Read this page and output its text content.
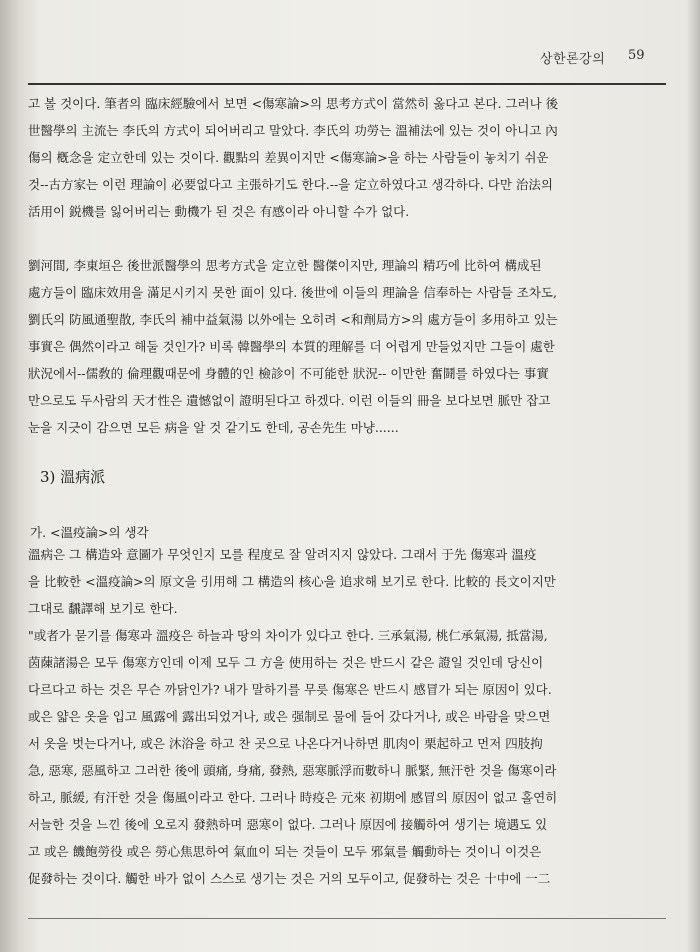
상한론강의 59
고 볼 것이다. 筆者의 臨床經驗에서 보면 <傷寒論>의 思考方式이 當然히 옳다고 본다. 그러나 後
世醫學의 主流는 李氏의 方式이 되어버리고 말았다. 李氏의 功勞는 溫補法에 있는 것이 아니고 內
傷의 槪念을 定立한데 있는 것이다. 觀點의 差異이지만 <傷寒論>을 하는 사람들이 놓치기 쉬운
것--古方家는 이런 理論이 必要없다고 主張하기도 한다.--을 定立하였다고 생각하다. 다만 治法의
活用이 鋭機를 잃어버리는 動機가 된 것은 有感이라 아니할 수가 없다.
劉河間, 李東垣은 後世派醫學의 思考方式을 定立한 醫傑이지만, 理論의 精巧에 比하여 構成된
處方들이 臨床效用을 滿足시키지 못한 面이 있다. 後世에 이들의 理論을 信奉하는 사람들 조차도,
劉氏의 防風通聖散, 李氏의 補中益氣湯 以外에는 오히려 <和劑局方>의 處方들이 多用하고 있는
事實은 偶然이라고 해둘 것인가? 비록 韓醫學의 本質的理解를 더 어렵게 만들었지만 그들이 處한
狀況에서--儒敎的 倫理觀때문에 身體的인 檢診이 不可能한 狀況-- 이만한 奮鬪를 하였다는 事實
만으로도 두사람의 天才性은 遺憾없이 證明된다고 하겠다. 이런 이들의 冊을 보다보면 脈만 잡고
눈을 지긋이 감으면 모든 病을 알 것 같기도 한데, 공손先生 마냥......
3) 溫病派
가. <溫疫論>의 생각
溫病은 그 構造와 意圖가 무엇인지 모를 程度로 잘 알려지지 않았다. 그래서 于先 傷寒과 溫疫
을 比較한 <溫疫論>의 原文을 引用해 그 構造의 核心을 追求해 보기로 한다. 比較的 長文이지만
그대로 飜譯해 보기로 한다.
"或者가 묻기를 傷寒과 溫疫은 하늘과 땅의 차이가 있다고 한다. 三承氣湯, 桃仁承氣湯, 抵當湯,
茵蔯諸湯은 모두 傷寒方인데 이제 모두 그 方을 使用하는 것은 반드시 같은 證일 것인데 당신이
다르다고 하는 것은 무슨 까닭인가? 내가 말하기를 무릇 傷寒은 반드시 感冒가 되는 原因이 있다.
或은 얇은 옷을 입고 風露에 露出되었거나, 或은 强制로 물에 들어 갔다거나, 或은 바람을 맞으면
서 옷을 벗는다거나, 或은 沐浴을 하고 찬 곳으로 나온다거나하면 肌肉이 栗起하고 먼저 四肢拘
急, 惡寒, 惡風하고 그러한 後에 頭痛, 身痛, 發熱, 惡寒脈浮而數하니 脈緊, 無汗한 것을 傷寒이라
하고, 脈緩, 有汗한 것을 傷風이라고 한다. 그러나 時疫은 元來 初期에 感冒의 原因이 없고 홀연히
서늘한 것을 느낀 後에 오로지 發熱하며 惡寒이 없다. 그러나 原因에 接觸하여 생기는 境遇도 있
고 或은 饑飽勞役 或은 勞心焦思하여 氣血이 되는 것들이 모두 邪氣를 觸動하는 것이니 이것은
促發하는 것이다. 觸한 바가 없이 스스로 생기는 것은 거의 모두이고, 促發하는 것은 十中에 一二
